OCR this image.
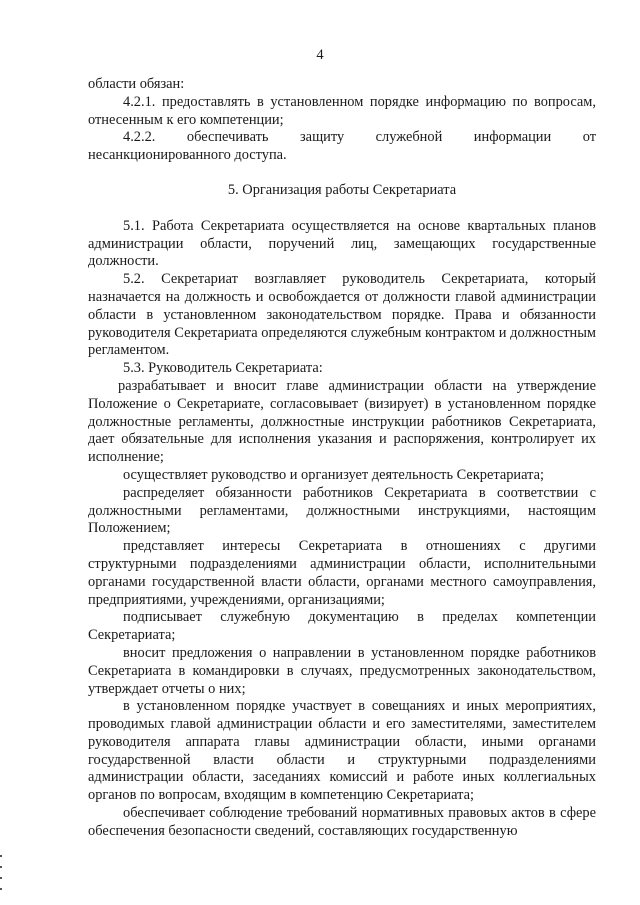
4

области обязан:

4.2.1. предоставлять в установленном порядке информацию по вопросам, отнесенным к его компетенции;

4.2.2. обеспечивать защиту служебной информации от несанкционированного доступа.

5. Организация работы Секретариата

5.1. Работа Секретариата осуществляется на основе квартальных планов администрации области, поручений лиц, замещающих государственные должности.

5.2. Секретариат возглавляет руководитель Секретариата, который назначается на должность и освобождается от должности главой администрации области в установленном законодательством порядке. Права и обязанности руководителя Секретариата определяются служебным контрактом и должностным регламентом.

5.3. Руководитель Секретариата:

разрабатывает и вносит главе администрации области на утверждение Положение о Секретариате, согласовывает (визирует) в установленном порядке должностные регламенты, должностные инструкции работников Секретариата, дает обязательные для исполнения указания и распоряжения, контролирует их исполнение;

осуществляет руководство и организует деятельность Секретариата;

распределяет обязанности работников Секретариата в соответствии с должностными регламентами, должностными инструкциями, настоящим Положением;

представляет интересы Секретариата в отношениях с другими структурными подразделениями администрации области, исполнительными органами государственной власти области, органами местного самоуправления, предприятиями, учреждениями, организациями;

подписывает служебную документацию в пределах компетенции Секретариата;

вносит предложения о направлении в установленном порядке работников Секретариата в командировки в случаях, предусмотренных законодательством, утверждает отчеты о них;

в установленном порядке участвует в совещаниях и иных мероприятиях, проводимых главой администрации области и его заместителями, заместителем руководителя аппарата главы администрации области, иными органами государственной власти области и структурными подразделениями администрации области, заседаниях комиссий и работе иных коллегиальных органов по вопросам, входящим в компетенцию Секретариата;

обеспечивает соблюдение требований нормативных правовых актов в сфере обеспечения безопасности сведений, составляющих государственную
